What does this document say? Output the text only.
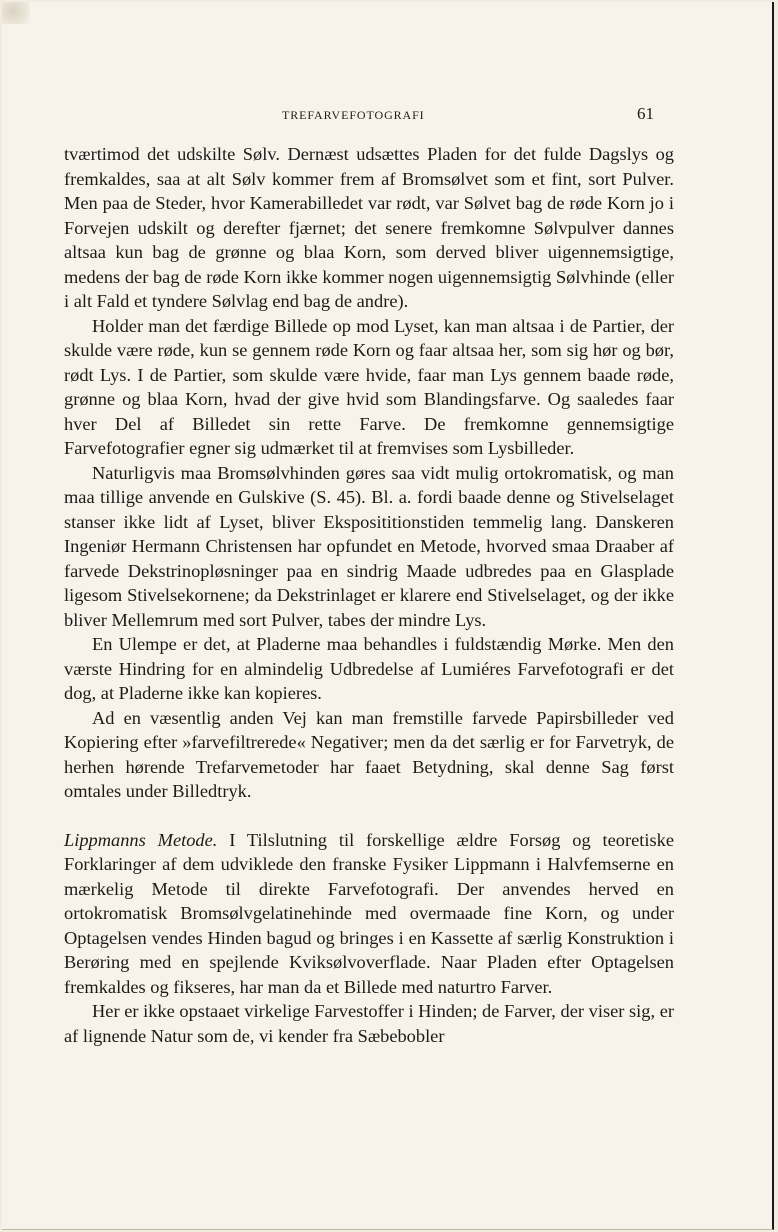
TREFARVEFOTOGRAFI	61

tværtimod det udskilte Sølv. Dernæst udsættes Pladen for det fulde Dagslys og fremkaldes, saa at alt Sølv kommer frem af Bromsølvet som et fint, sort Pulver. Men paa de Steder, hvor Kamerabilledet var rødt, var Sølvet bag de røde Korn jo i Forvejen udskilt og derefter fjærnet; det senere fremkomne Sølvpulver dannes altsaa kun bag de grønne og blaa Korn, som derved bliver uigennemsigtige, medens der bag de røde Korn ikke kommer nogen uigennemsigtig Sølvhinde (eller i alt Fald et tyndere Sølvlag end bag de andre).

Holder man det færdige Billede op mod Lyset, kan man altsaa i de Partier, der skulde være røde, kun se gennem røde Korn og faar altsaa her, som sig hør og bør, rødt Lys. I de Partier, som skulde være hvide, faar man Lys gennem baade røde, grønne og blaa Korn, hvad der give hvid som Blandingsfarve. Og saaledes faar hver Del af Billedet sin rette Farve. De fremkomne gennemsigtige Farvefotografier egner sig udmærket til at fremvises som Lysbilleder.

Naturligvis maa Bromsølvhinden gøres saa vidt mulig ortokromatisk, og man maa tillige anvende en Gulskive (S. 45). Bl. a. fordi baade denne og Stivelselaget stanser ikke lidt af Lyset, bliver Eksposititionstiden temmelig lang. Danskeren Ingeniør Hermann Christensen har opfundet en Metode, hvorved smaa Draaber af farvede Dekstrinopløsninger paa en sindrig Maade udbredes paa en Glasplade ligesom Stivelsekornene; da Dekstrinlaget er klarere end Stivelselaget, og der ikke bliver Mellemrum med sort Pulver, tabes der mindre Lys.

En Ulempe er det, at Pladerne maa behandles i fuldstændig Mørke. Men den værste Hindring for en almindelig Udbredelse af Lumiéres Farvefotografi er det dog, at Pladerne ikke kan kopieres.

Ad en væsentlig anden Vej kan man fremstille farvede Papirsbilleder ved Kopiering efter »farvefiltrerede« Negativer; men da det særlig er for Farvetryk, de herhen hørende Trefarvemetoder har faaet Betydning, skal denne Sag først omtales under Billedtryk.

Lippmanns Metode. I Tilslutning til forskellige ældre Forsøg og teoretiske Forklaringer af dem udviklede den franske Fysiker Lippmann i Halvfemserne en mærkelig Metode til direkte Farvefotografi. Der anvendes herved en ortokromatisk Bromsølvgelatinehinde med overmaade fine Korn, og under Optagelsen vendes Hinden bagud og bringes i en Kassette af særlig Konstruktion i Berøring med en spejlende Kviksølvoverflade. Naar Pladen efter Optagelsen fremkaldes og fikseres, har man da et Billede med naturtro Farver.

Her er ikke opstaaet virkelige Farvestoffer i Hinden; de Farver, der viser sig, er af lignende Natur som de, vi kender fra Sæbebobler
